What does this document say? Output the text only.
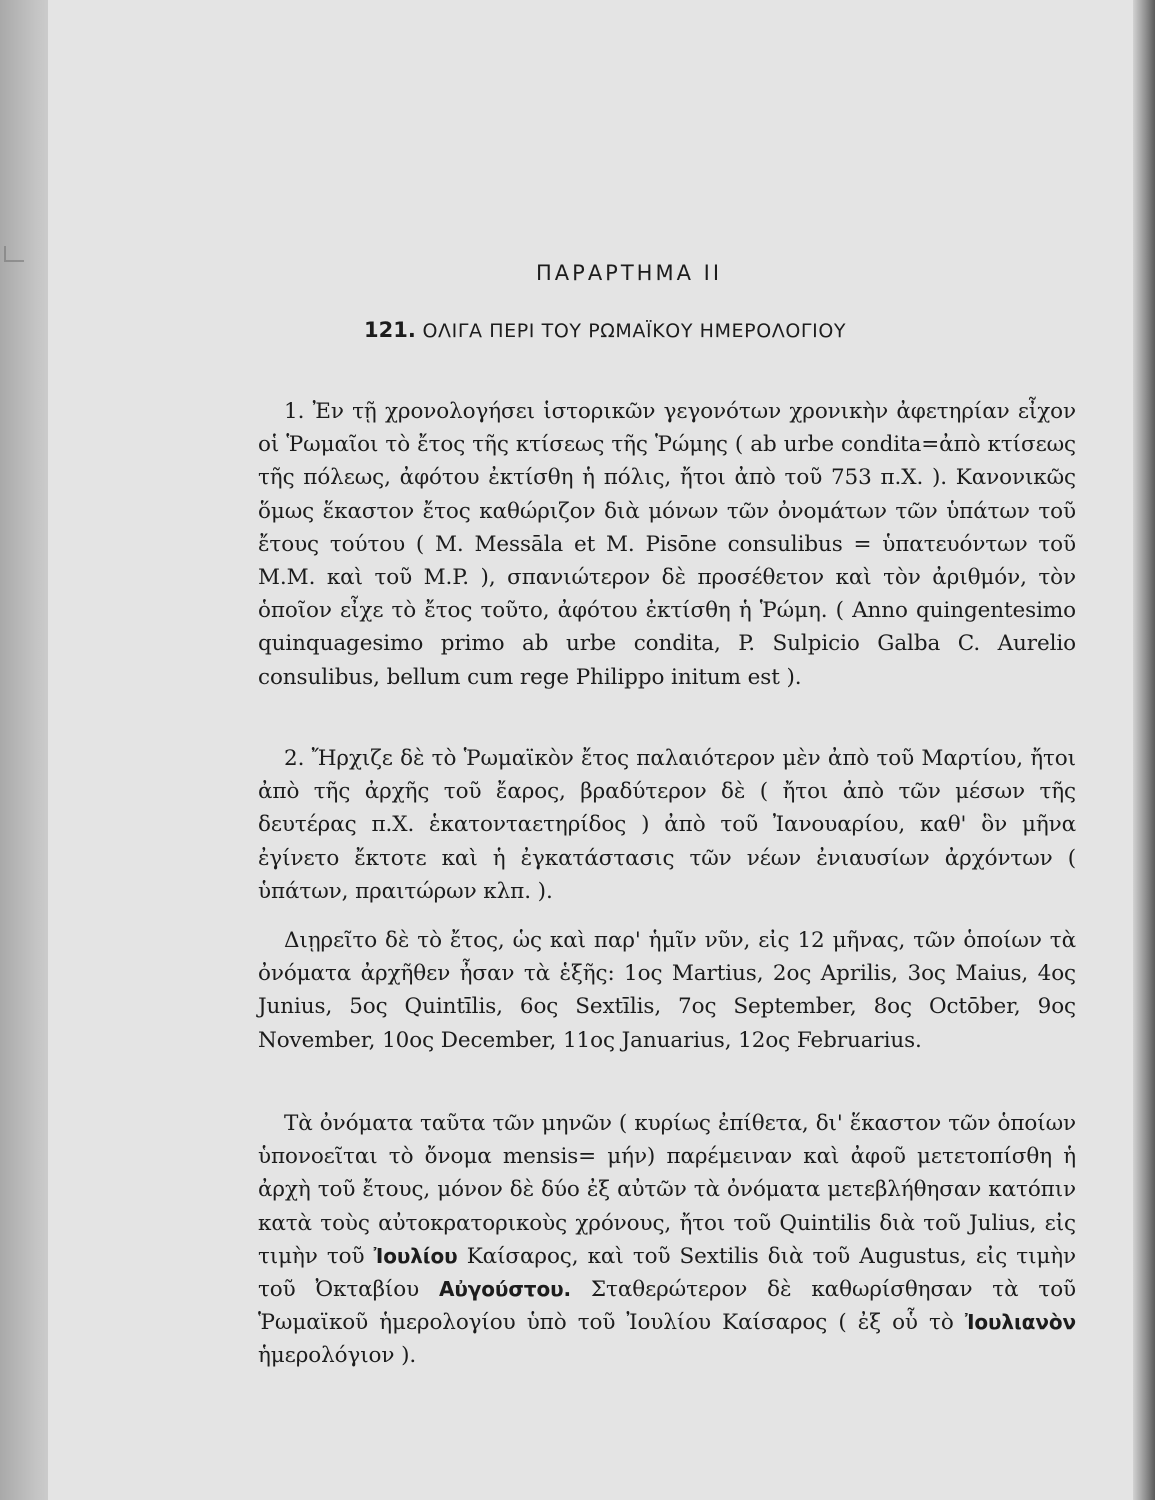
ΠΑΡΑΡΤΗΜΑ II
121. ΟΛΙΓΑ ΠΕΡΙ ΤΟΥ ΡΩΜΑΪΚΟΥ ΗΜΕΡΟΛΟΓΙΟΥ

1. Ἐν τῇ χρονολογήσει ἱστορικῶν γεγονότων χρονικὴν ἀφετηρίαν εἶχον οἱ Ῥωμαῖοι τὸ ἔτος τῆς κτίσεως τῆς Ῥώμης ( ab urbe condita=ἀπὸ κτίσεως τῆς πόλεως, ἀφότου ἐκτίσθη ἡ πόλις, ἤτοι ἀπὸ τοῦ 753 π.Χ. ). Κανονικῶς ὅμως ἕκαστον ἔτος καθώριζον διὰ μόνων τῶν ὀνομάτων τῶν ὑπάτων τοῦ ἔτους τούτου ( M. Messāla et M. Pisōne consulibus = ὑπατευόντων τοῦ M.M. καὶ τοῦ M.P. ), σπανιώτερον δὲ προσέθετον καὶ τὸν ἀριθμόν, τὸν ὁποῖον εἶχε τὸ ἔτος τοῦτο, ἀφότου ἐκτίσθη ἡ Ῥώμη. ( Anno quingentesimo quinquagesimo primo ab urbe condita, P. Sulpicio Galba C. Aurelio consulibus, bellum cum rege Philippo initum est ).

2. Ἤρχιζε δὲ τὸ Ῥωμαϊκὸν ἔτος παλαιότερον μὲν ἀπὸ τοῦ Μαρτίου, ἤτοι ἀπὸ τῆς ἀρχῆς τοῦ ἔαρος, βραδύτερον δὲ ( ἤτοι ἀπὸ τῶν μέσων τῆς δευτέρας π.Χ. ἑκατονταετηρίδος ) ἀπὸ τοῦ Ἰανουαρίου, καθ' ὃν μῆνα ἐγίνετο ἔκτοτε καὶ ἡ ἐγκατάστασις τῶν νέων ἐνιαυσίων ἀρχόντων ( ὑπάτων, πραιτώρων κλπ. ).

Διῃρεῖτο δὲ τὸ ἔτος, ὡς καὶ παρ' ἡμῖν νῦν, εἰς 12 μῆνας, τῶν ὁποίων τὰ ὀνόματα ἀρχῆθεν ἦσαν τὰ ἑξῆς: 1ος Martius, 2ος Aprilis, 3ος Maius, 4ος Junius, 5ος Quintīlis, 6ος Sextīlis, 7ος September, 8ος Octōber, 9ος November, 10ος December, 11ος Januarius, 12ος Februarius.

Τὰ ὀνόματα ταῦτα τῶν μηνῶν ( κυρίως ἐπίθετα, δι' ἕκαστον τῶν ὁποίων ὑπονοεῖται τὸ ὄνομα mensis= μήν) παρέμειναν καὶ ἀφοῦ μετετοπίσθη ἡ ἀρχὴ τοῦ ἔτους, μόνον δὲ δύο ἐξ αὐτῶν τὰ ὀνόματα μετεβλήθησαν κατόπιν κατὰ τοὺς αὐτοκρατορικοὺς χρόνους, ἤτοι τοῦ Quintilis διὰ τοῦ Julius, εἰς τιμὴν τοῦ Ἰουλίου Καίσαρος, καὶ τοῦ Sextilis διὰ τοῦ Augustus, εἰς τιμὴν τοῦ Ὀκταβίου Αὐγούστου. Σταθερώτερον δὲ καθωρίσθησαν τὰ τοῦ Ῥωμαϊκοῦ ἡμερολογίου ὑπὸ τοῦ Ἰουλίου Καίσαρος ( ἐξ οὗ τὸ Ἰουλιανὸν ἡμερολόγιον ).
